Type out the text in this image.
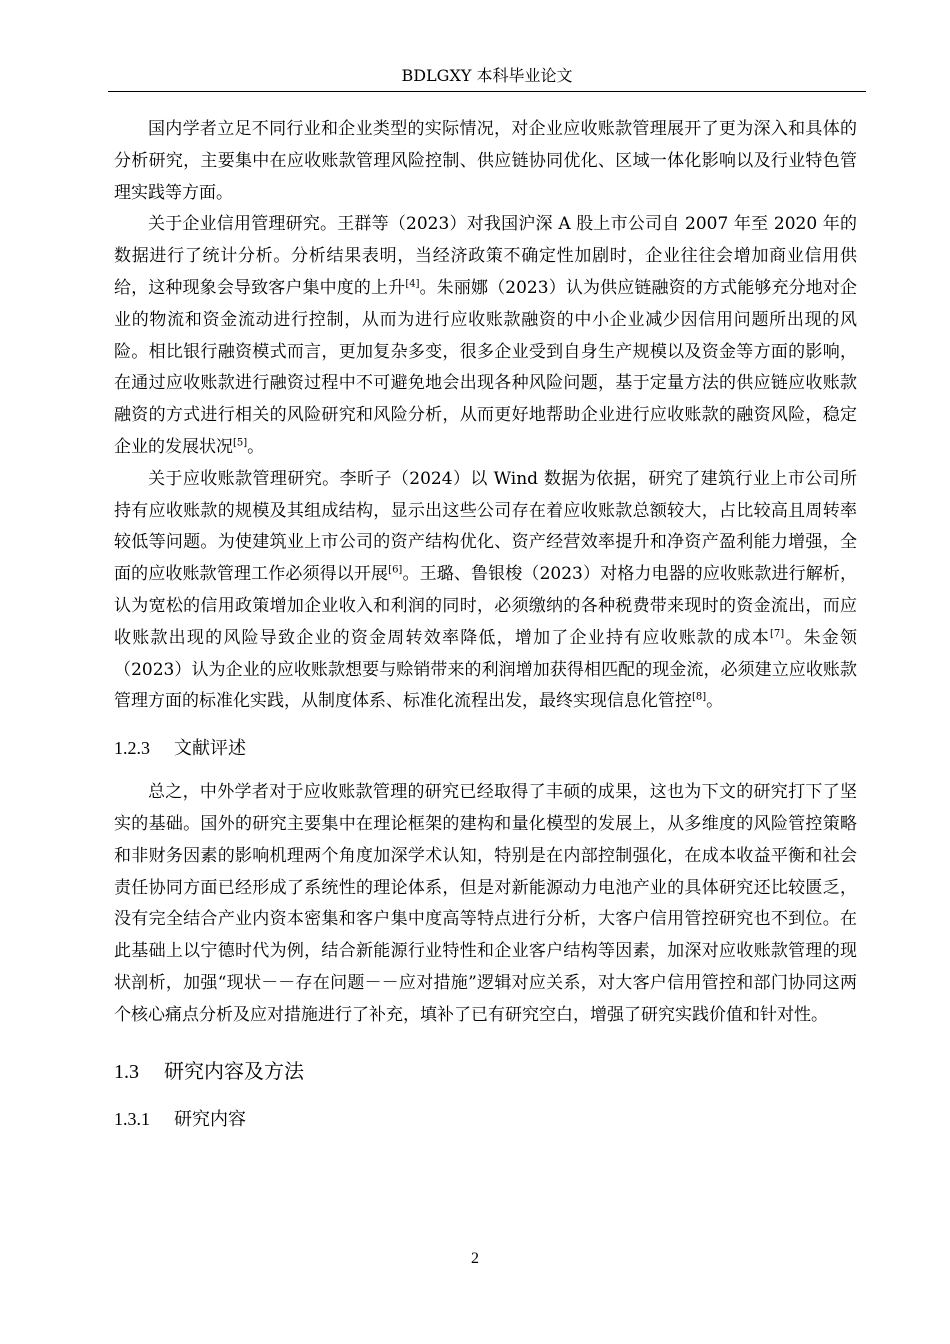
BDLGXY 本科毕业论文

国内学者立足不同行业和企业类型的实际情况，对企业应收账款管理展开了更为深入和具体的分析研究，主要集中在应收账款管理风险控制、供应链协同优化、区域一体化影响以及行业特色管理实践等方面。

关于企业信用管理研究。王群等（2023）对我国沪深 A 股上市公司自 2007 年至 2020 年的数据进行了统计分析。分析结果表明，当经济政策不确定性加剧时，企业往往会增加商业信用供给，这种现象会导致客户集中度的上升[4]。朱丽娜（2023）认为供应链融资的方式能够充分地对企业的物流和资金流动进行控制，从而为进行应收账款融资的中小企业减少因信用问题所出现的风险。相比银行融资模式而言，更加复杂多变，很多企业受到自身生产规模以及资金等方面的影响，在通过应收账款进行融资过程中不可避免地会出现各种风险问题，基于定量方法的供应链应收账款融资的方式进行相关的风险研究和风险分析，从而更好地帮助企业进行应收账款的融资风险，稳定企业的发展状况[5]。

关于应收账款管理研究。李昕子（2024）以 Wind 数据为依据，研究了建筑行业上市公司所持有应收账款的规模及其组成结构，显示出这些公司存在着应收账款总额较大，占比较高且周转率较低等问题。为使建筑业上市公司的资产结构优化、资产经营效率提升和净资产盈利能力增强，全面的应收账款管理工作必须得以开展[6]。王璐、鲁银梭（2023）对格力电器的应收账款进行解析，认为宽松的信用政策增加企业收入和利润的同时，必须缴纳的各种税费带来现时的资金流出，而应收账款出现的风险导致企业的资金周转效率降低，增加了企业持有应收账款的成本[7]。朱金领（2023）认为企业的应收账款想要与赊销带来的利润增加获得相匹配的现金流，必须建立应收账款管理方面的标准化实践，从制度体系、标准化流程出发，最终实现信息化管控[8]。

1.2.3 文献评述

总之，中外学者对于应收账款管理的研究已经取得了丰硕的成果，这也为下文的研究打下了坚实的基础。国外的研究主要集中在理论框架的建构和量化模型的发展上，从多维度的风险管控策略和非财务因素的影响机理两个角度加深学术认知，特别是在内部控制强化，在成本收益平衡和社会责任协同方面已经形成了系统性的理论体系，但是对新能源动力电池产业的具体研究还比较匮乏，没有完全结合产业内资本密集和客户集中度高等特点进行分析，大客户信用管控研究也不到位。在此基础上以宁德时代为例，结合新能源行业特性和企业客户结构等因素，加深对应收账款管理的现状剖析，加强“现状－－存在问题－－应对措施”逻辑对应关系，对大客户信用管控和部门协同这两个核心痛点分析及应对措施进行了补充，填补了已有研究空白，增强了研究实践价值和针对性。

1.3 研究内容及方法
1.3.1 研究内容
2
